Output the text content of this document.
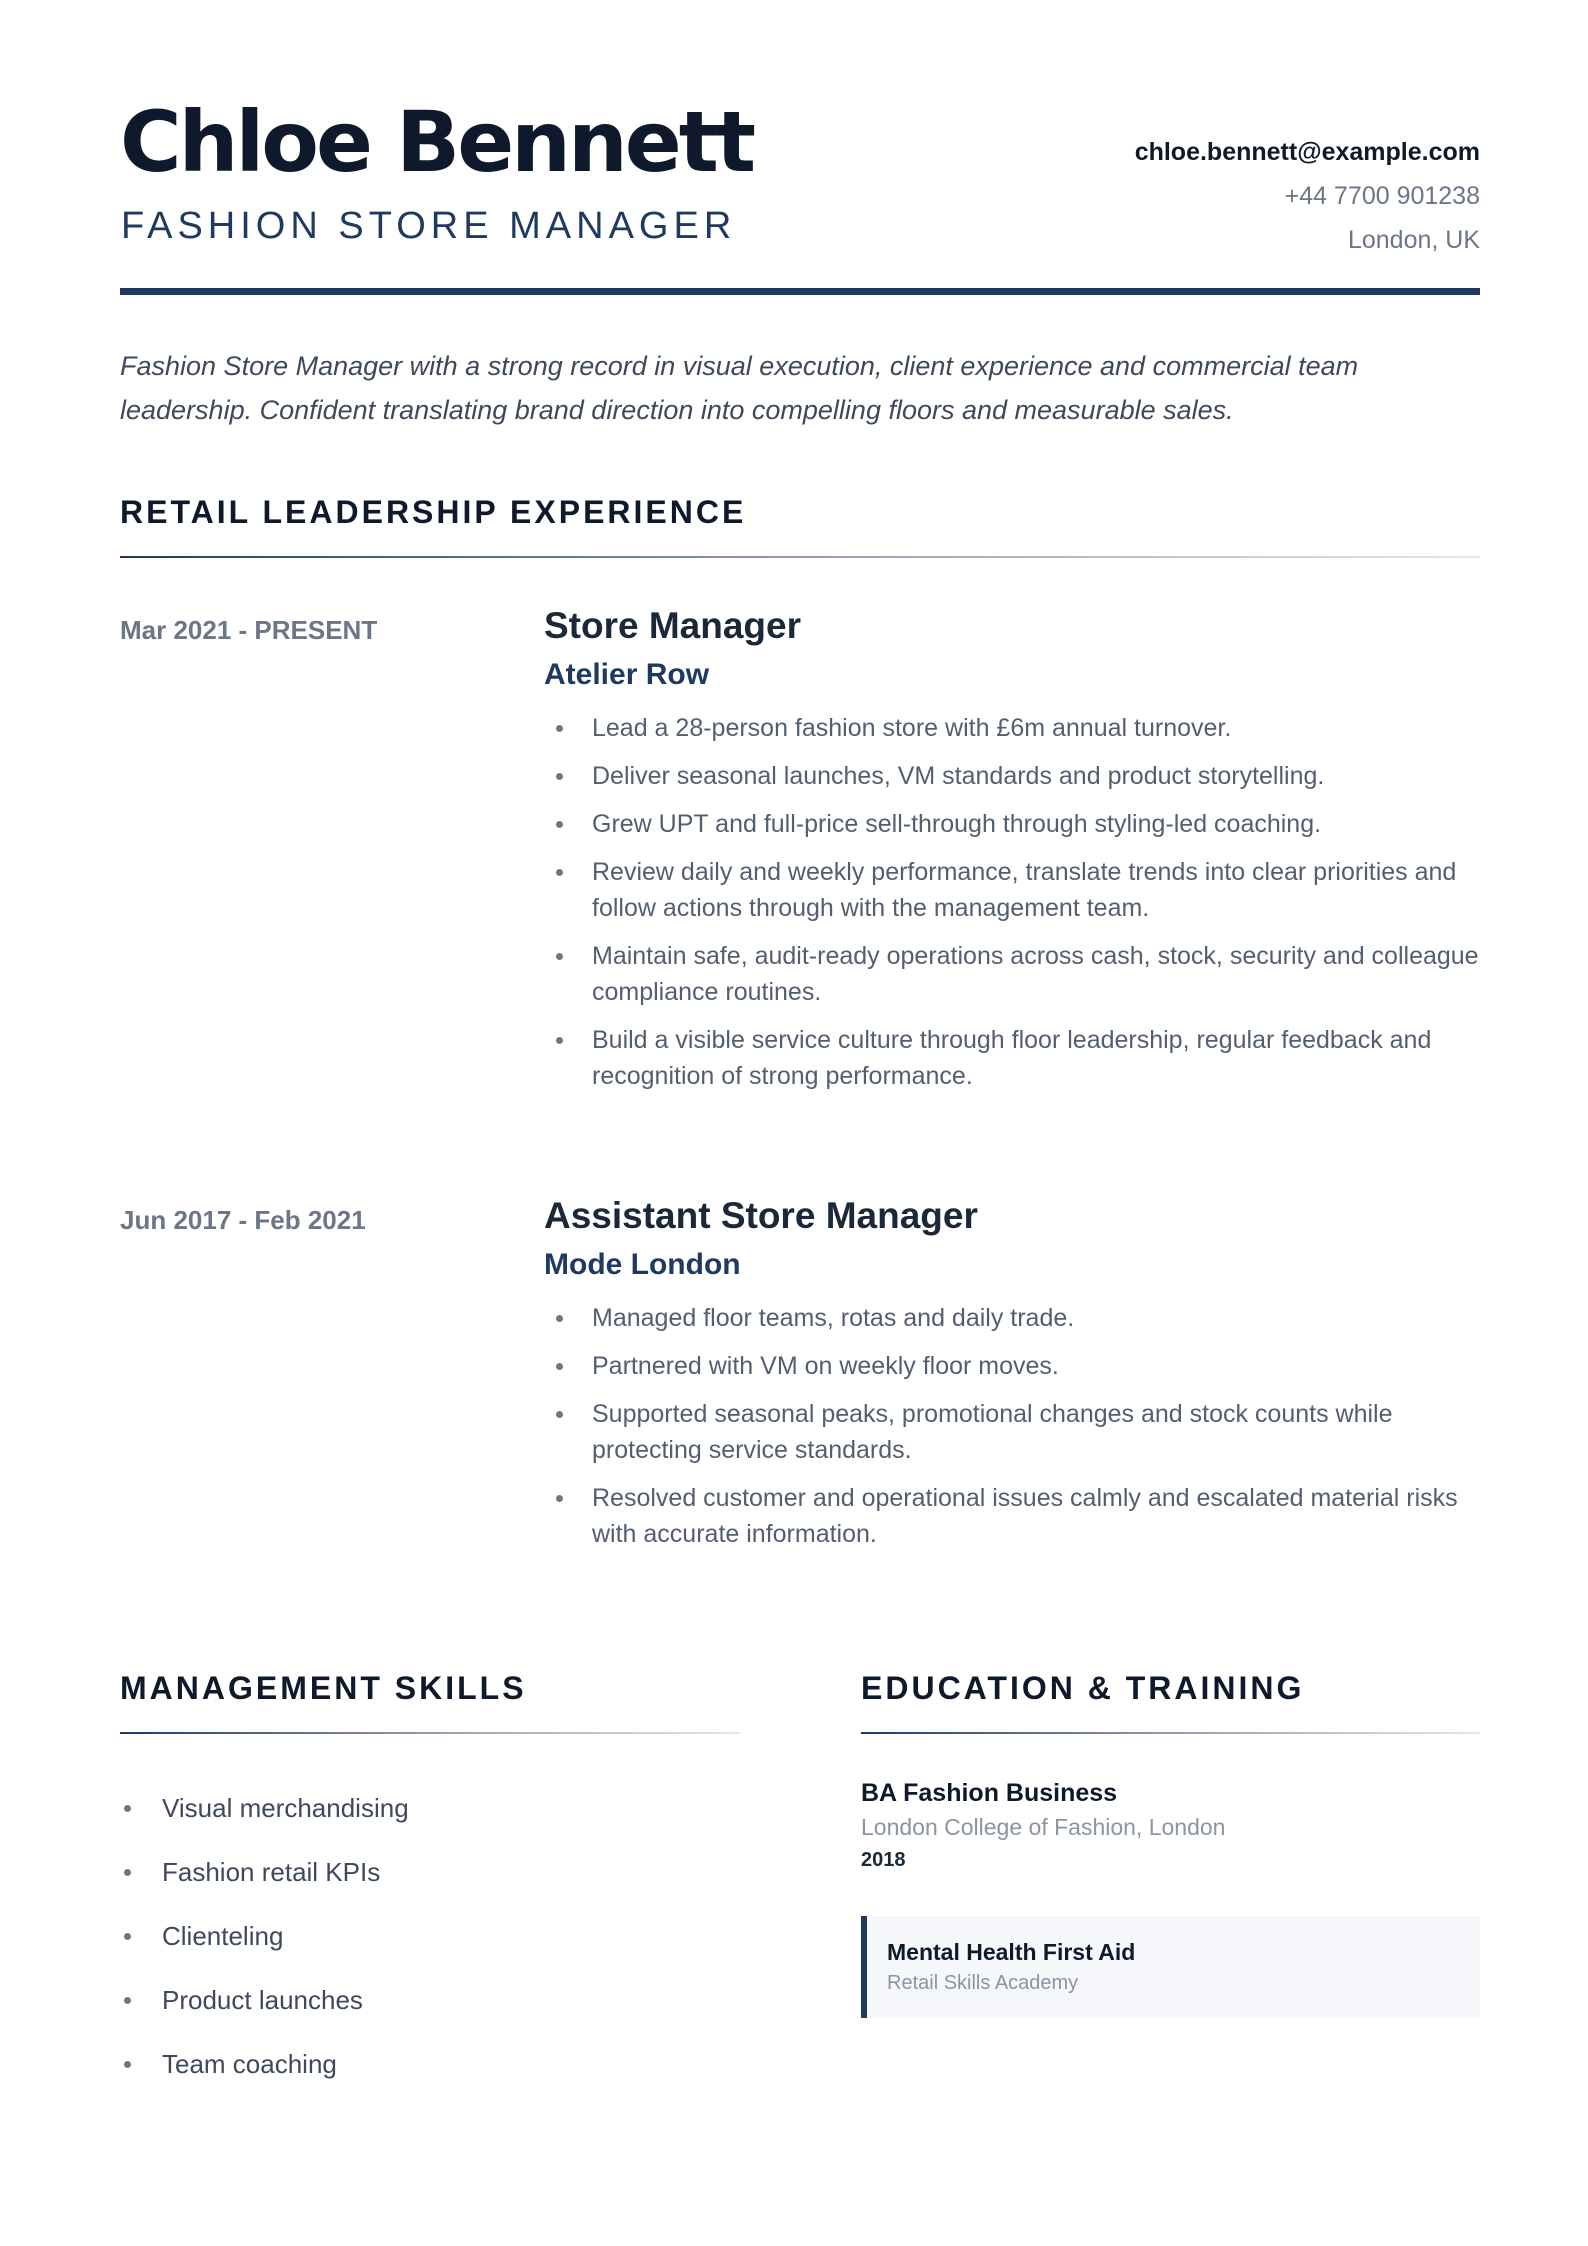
Chloe Bennett
FASHION STORE MANAGER
chloe.bennett@example.com
+44 7700 901238
London, UK

Fashion Store Manager with a strong record in visual execution, client experience and commercial team leadership. Confident translating brand direction into compelling floors and measurable sales.

RETAIL LEADERSHIP EXPERIENCE
Mar 2021 - PRESENT	Store Manager
Atelier Row
Lead a 28-person fashion store with £6m annual turnover.
Deliver seasonal launches, VM standards and product storytelling.
Grew UPT and full-price sell-through through styling-led coaching.
Review daily and weekly performance, translate trends into clear priorities and follow actions through with the management team.
Maintain safe, audit-ready operations across cash, stock, security and colleague compliance routines.
Build a visible service culture through floor leadership, regular feedback and recognition of strong performance.
Jun 2017 - Feb 2021	Assistant Store Manager
Mode London
Managed floor teams, rotas and daily trade.
Partnered with VM on weekly floor moves.
Supported seasonal peaks, promotional changes and stock counts while protecting service standards.
Resolved customer and operational issues calmly and escalated material risks with accurate information.
MANAGEMENT SKILLS
Visual merchandising
Fashion retail KPIs
Clienteling
Product launches
Team coaching
EDUCATION & TRAINING
BA Fashion Business
London College of Fashion, London
2018
Mental Health First Aid
Retail Skills Academy
